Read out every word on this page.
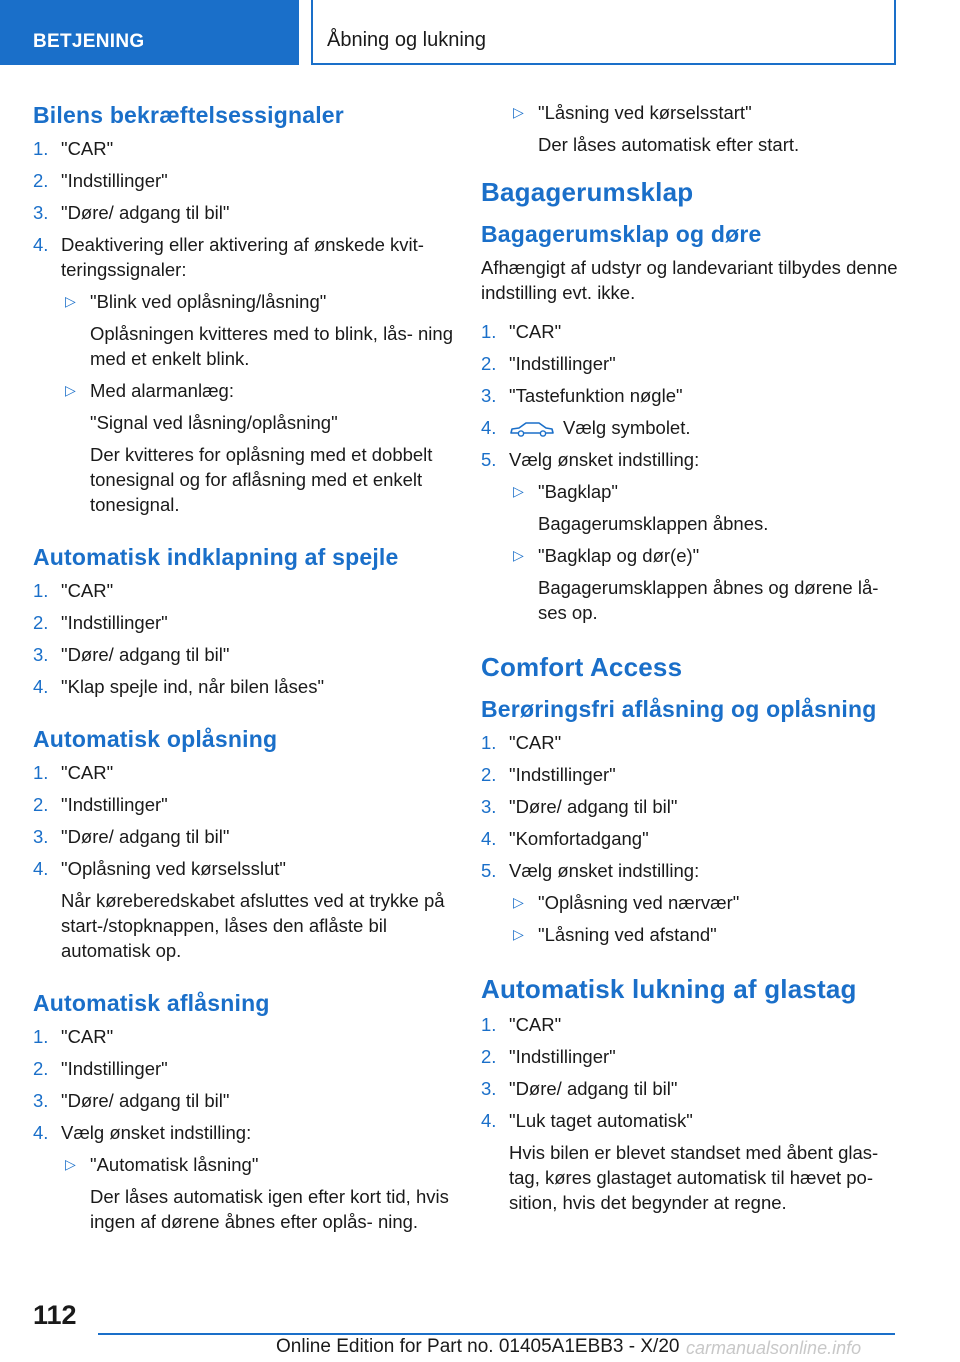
BETJENING	Åbning og lukning
Bilens bekræftelsessignaler
1. "CAR"
2. "Indstillinger"
3. "Døre/ adgang til bil"
4. Deaktivering eller aktivering af ønskede kvit- teringssignaler:
▷ "Blink ved oplåsning/låsning"
Oplåsningen kvitteres med to blink, lås- ning med et enkelt blink.
▷ Med alarmanlæg:
"Signal ved låsning/oplåsning"
Der kvitteres for oplåsning med et dobbelt tonesignal og for aflåsning med et enkelt tonesignal.
Automatisk indklapning af spejle
1. "CAR"
2. "Indstillinger"
3. "Døre/ adgang til bil"
4. "Klap spejle ind, når bilen låses"
Automatisk oplåsning
1. "CAR"
2. "Indstillinger"
3. "Døre/ adgang til bil"
4. "Oplåsning ved kørselsslut"
Når køreberedskabet afsluttes ved at trykke på start-/stopknappen, låses den aflåste bil automatisk op.
Automatisk aflåsning
1. "CAR"
2. "Indstillinger"
3. "Døre/ adgang til bil"
4. Vælg ønsket indstilling:
▷ "Automatisk låsning"
Der låses automatisk igen efter kort tid, hvis ingen af dørene åbnes efter oplås- ning.
▷ "Låsning ved kørselsstart"
Der låses automatisk efter start.
Bagagerumsklap
Bagagerumsklap og døre
Afhængigt af udstyr og landevariant tilbydes denne indstilling evt. ikke.
1. "CAR"
2. "Indstillinger"
3. "Tastefunktion nøgle"
4.	Vælg symbolet.
5. Vælg ønsket indstilling:
▷ "Bagklap"
Bagagerumsklappen åbnes.
▷ "Bagklap og dør(e)"
Bagagerumsklappen åbnes og dørene lå- ses op.
Comfort Access
Berøringsfri aflåsning og oplåsning
1. "CAR"
2. "Indstillinger"
3. "Døre/ adgang til bil"
4. "Komfortadgang"
5. Vælg ønsket indstilling:
▷ "Oplåsning ved nærvær"
▷ "Låsning ved afstand"
Automatisk lukning af glastag
1. "CAR"
2. "Indstillinger"
3. "Døre/ adgang til bil"
4. "Luk taget automatisk"
Hvis bilen er blevet standset med åbent glas- tag, køres glastaget automatisk til hævet po- sition, hvis det begynder at regne.
112
Online Edition for Part no. 01405A1EBB3 - X/20 carmanualsonline.info
